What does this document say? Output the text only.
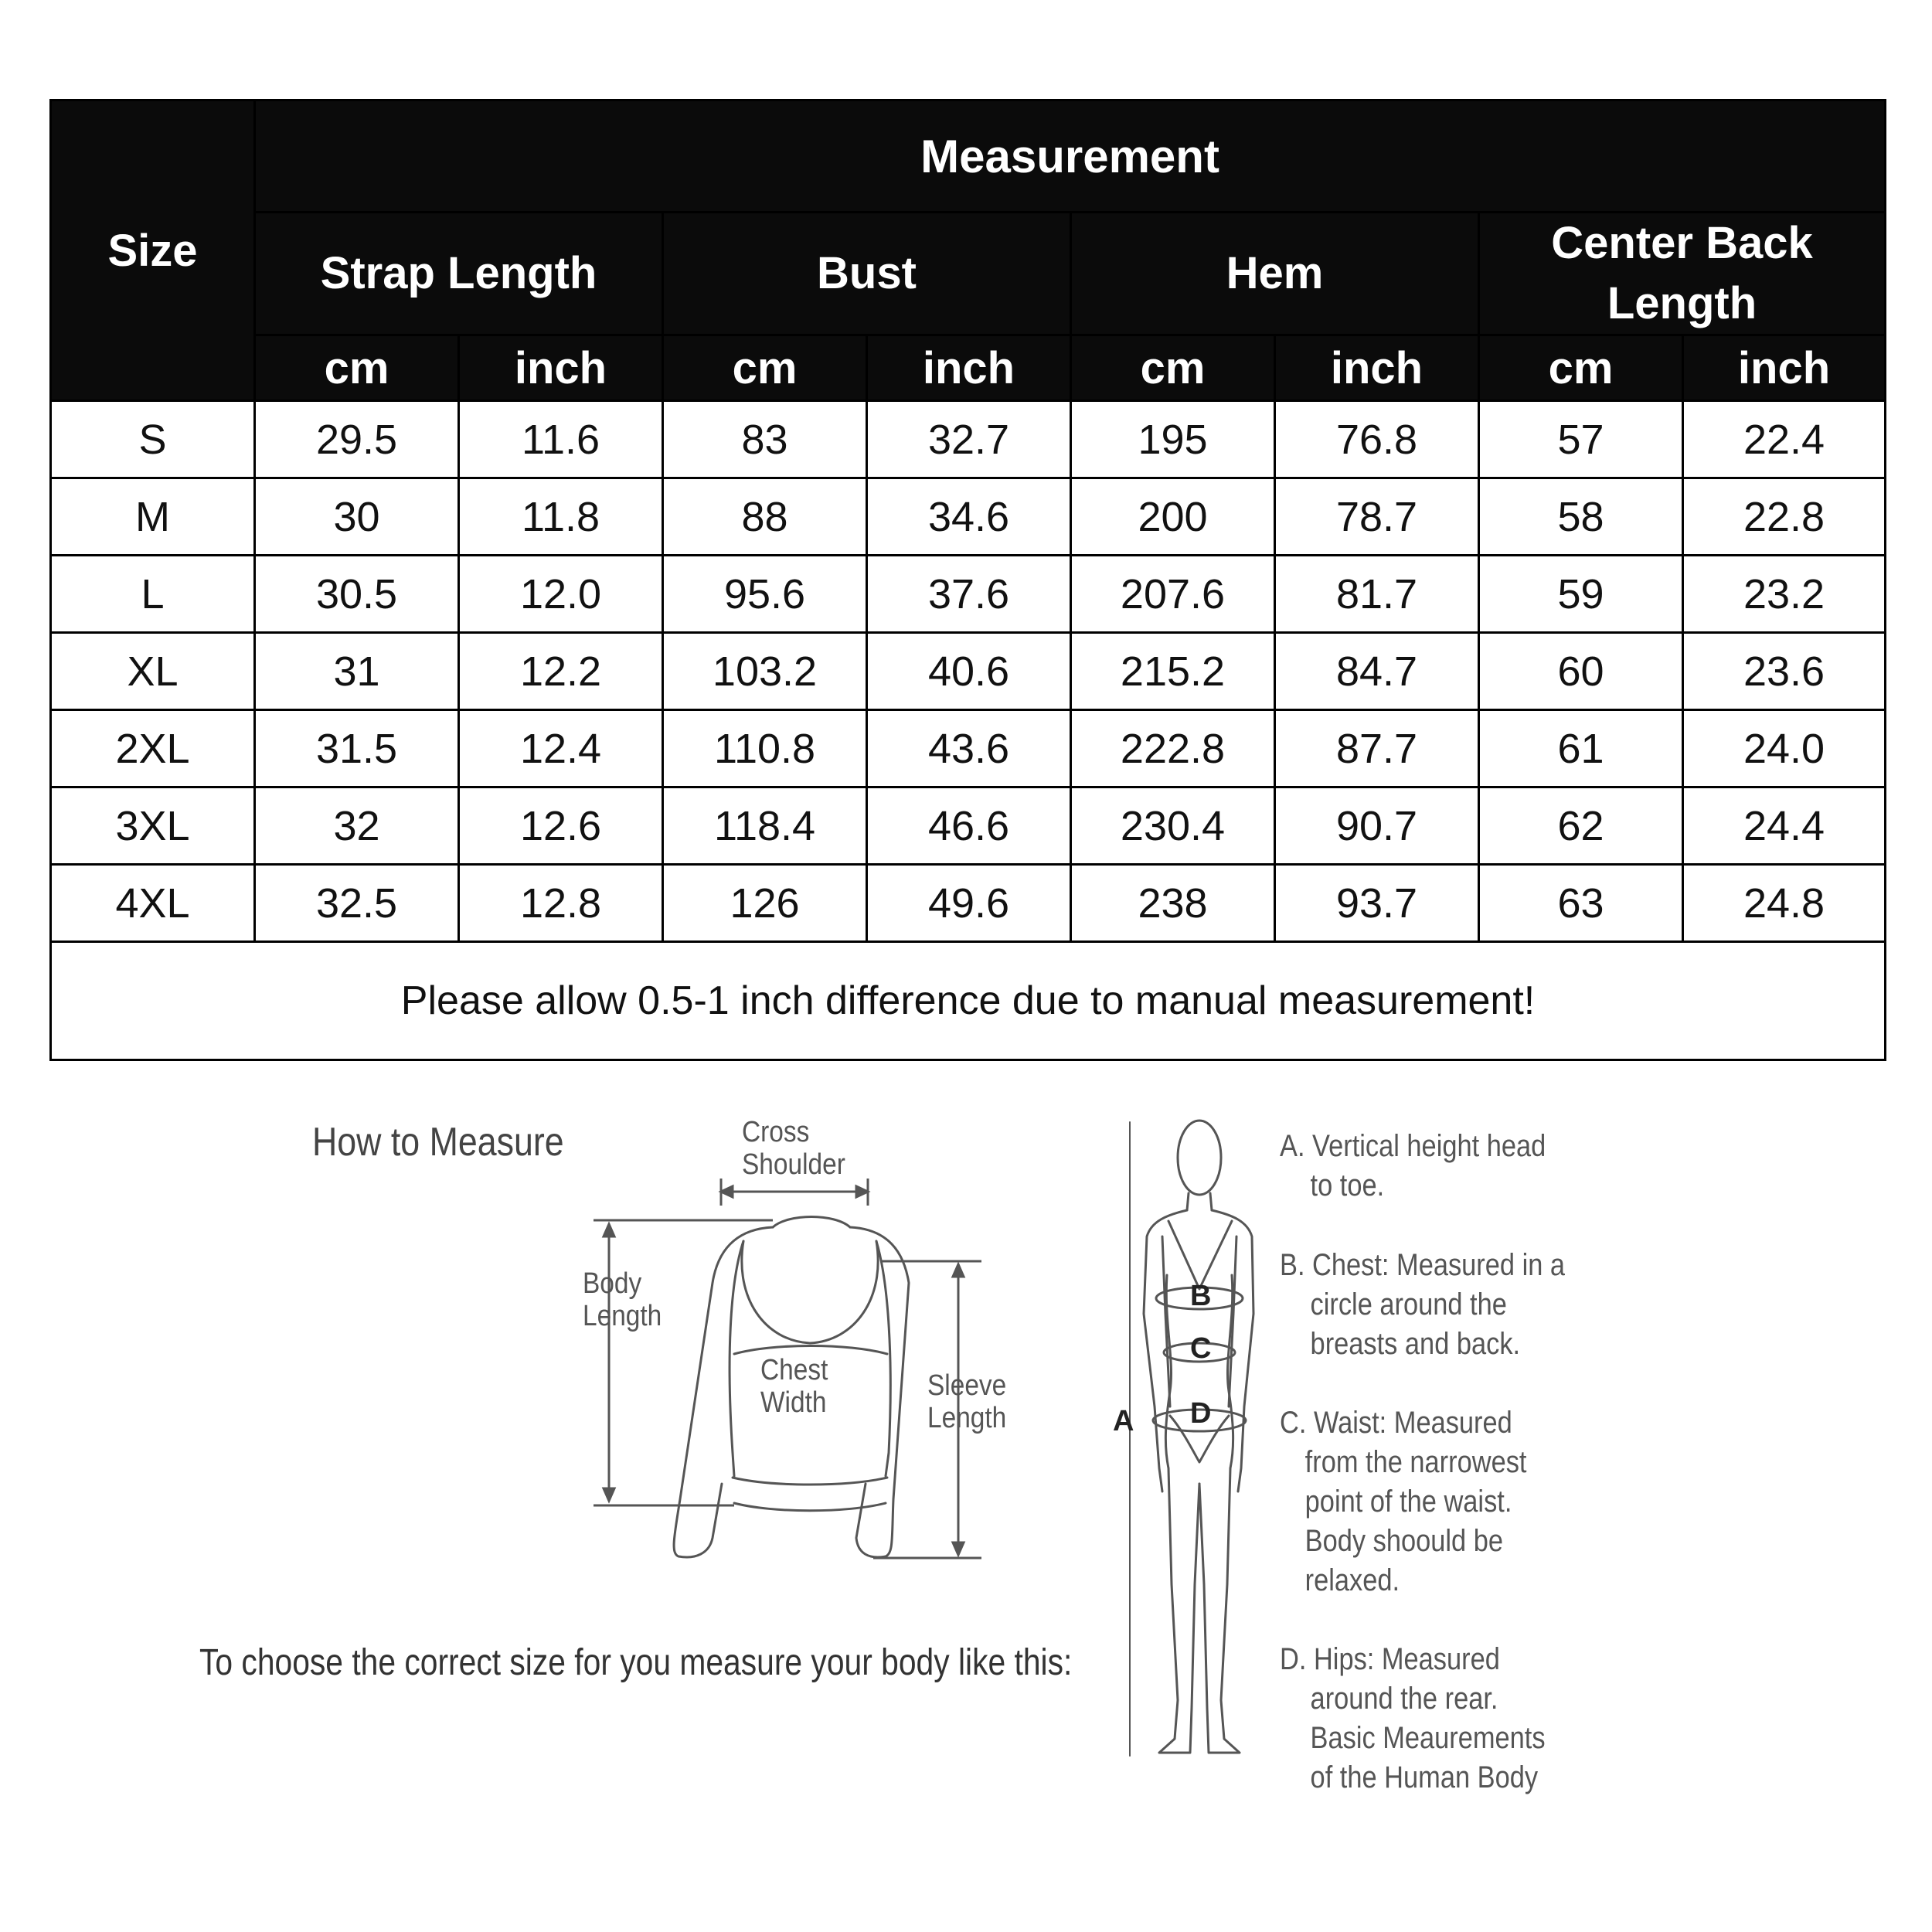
Size	Measurement							
	Strap Length		Bust		Hem		Center Back Length	
	cm	inch	cm	inch	cm	inch	cm	inch
S	29.5	11.6	83	32.7	195	76.8	57	22.4
M	30	11.8	88	34.6	200	78.7	58	22.8
L	30.5	12.0	95.6	37.6	207.6	81.7	59	23.2
XL	31	12.2	103.2	40.6	215.2	84.7	60	23.6
2XL	31.5	12.4	110.8	43.6	222.8	87.7	61	24.0
3XL	32	12.6	118.4	46.6	230.4	90.7	62	24.4
4XL	32.5	12.8	126	49.6	238	93.7	63	24.8
Please allow 0.5-1 inch difference due to manual measurement!								
How to Measure
To choose the correct size for you measure your body like this:
Cross
Shoulder
Body
Length
Chest
Width
Sleeve
Length	A
B
C
D
A. Vertical height head
to toe.
B. Chest: Measured in a
circle around the
breasts and back.
C. Waist: Measured
from the narrowest
point of the waist.
Body shoould be
relaxed.
D. Hips: Measured
around the rear.
Basic Meaurements
of the Human Body
